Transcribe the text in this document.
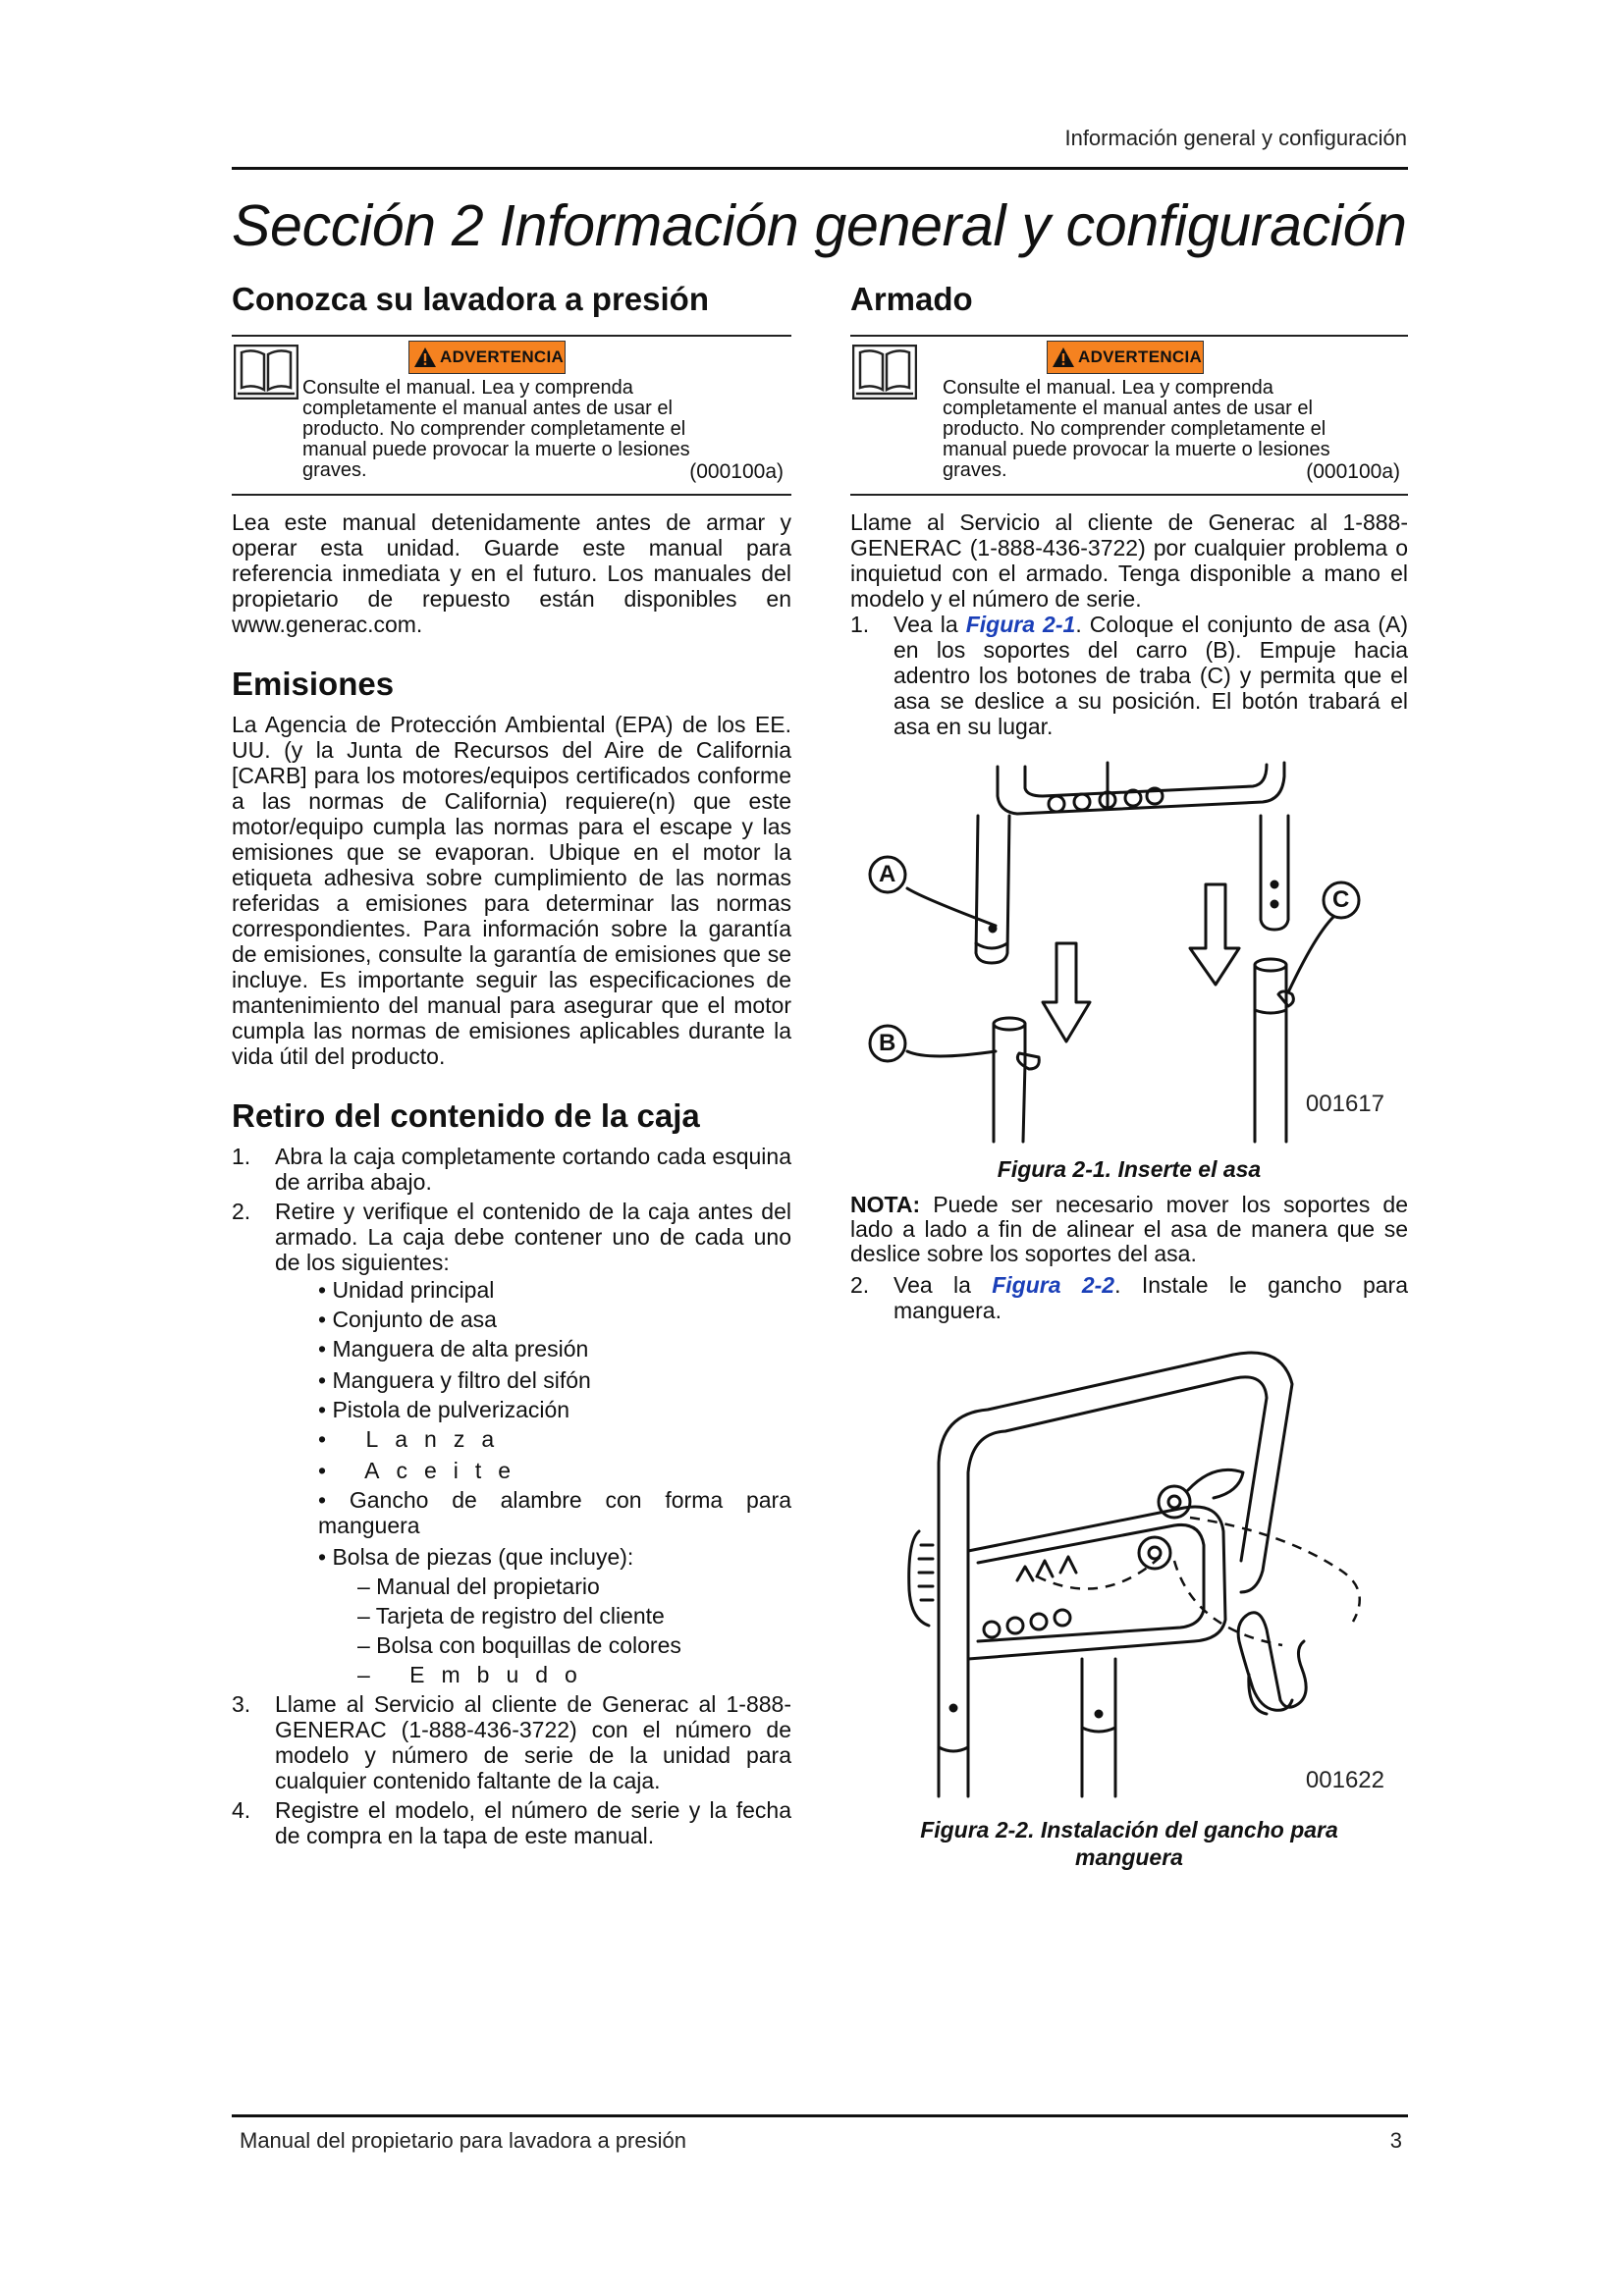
Información general y configuración
Sección 2 Información general y configuración
Conozca su lavadora a presión
ADVERTENCIA
Consulte el manual. Lea y comprenda completamente el manual antes de usar el producto. No comprender completamente el manual puede provocar la muerte o lesiones graves.	(000100a)

Lea este manual detenidamente antes de armar y operar esta unidad. Guarde este manual para referencia inmediata y en el futuro. Los manuales del propietario de repuesto están disponibles en www.generac.com.

Emisiones

La Agencia de Protección Ambiental (EPA) de los EE. UU. (y la Junta de Recursos del Aire de California [CARB] para los motores/equipos certificados conforme a las normas de California) requiere(n) que este motor/equipo cumpla las normas para el escape y las emisiones que se evaporan. Ubique en el motor la etiqueta adhesiva sobre cumplimiento de las normas referidas a emisiones para determinar las normas correspondientes. Para información sobre la garantía de emisiones, consulte la garantía de emisiones que se incluye. Es importante seguir las especificaciones de mantenimiento del manual para asegurar que el motor cumpla las normas de emisiones aplicables durante la vida útil del producto.

Retiro del contenido de la caja
1. Abra la caja completamente cortando cada esquina de arriba abajo.
2. Retire y verifique el contenido de la caja antes del armado. La caja debe contener uno de cada uno de los siguientes:
• Unidad principal
• Conjunto de asa
• Manguera de alta presión
• Manguera y filtro del sifón
• Pistola de pulverización
• Lanza
• Aceite
• Gancho de alambre con forma para manguera
• Bolsa de piezas (que incluye):
– Manual del propietario
– Tarjeta de registro del cliente
– Bolsa con boquillas de colores
– Embudo
3. Llame al Servicio al cliente de Generac al 1-888-GENERAC (1-888-436-3722) con el número de modelo y número de serie de la unidad para cualquier contenido faltante de la caja.
4. Registre el modelo, el número de serie y la fecha de compra en la tapa de este manual.
Armado
ADVERTENCIA
Consulte el manual. Lea y comprenda completamente el manual antes de usar el producto. No comprender completamente el manual puede provocar la muerte o lesiones graves.	(000100a)

Llame al Servicio al cliente de Generac al 1-888-GENERAC (1-888-436-3722) por cualquier problema o inquietud con el armado. Tenga disponible a mano el modelo y el número de serie.

1. Vea la Figura 2-1. Coloque el conjunto de asa (A) en los soportes del carro (B). Empuje hacia adentro los botones de traba (C) y permita que el asa se deslice a su posición. El botón trabará el asa en su lugar.
A
B
C
001617
Figura 2-1. Inserte el asa

NOTA: Puede ser necesario mover los soportes de lado a lado a fin de alinear el asa de manera que se deslice sobre los soportes del asa.

2. Vea la Figura 2-2. Instale le gancho para manguera.
001622
Figura 2-2. Instalación del gancho para manguera
Manual del propietario para lavadora a presión	3
